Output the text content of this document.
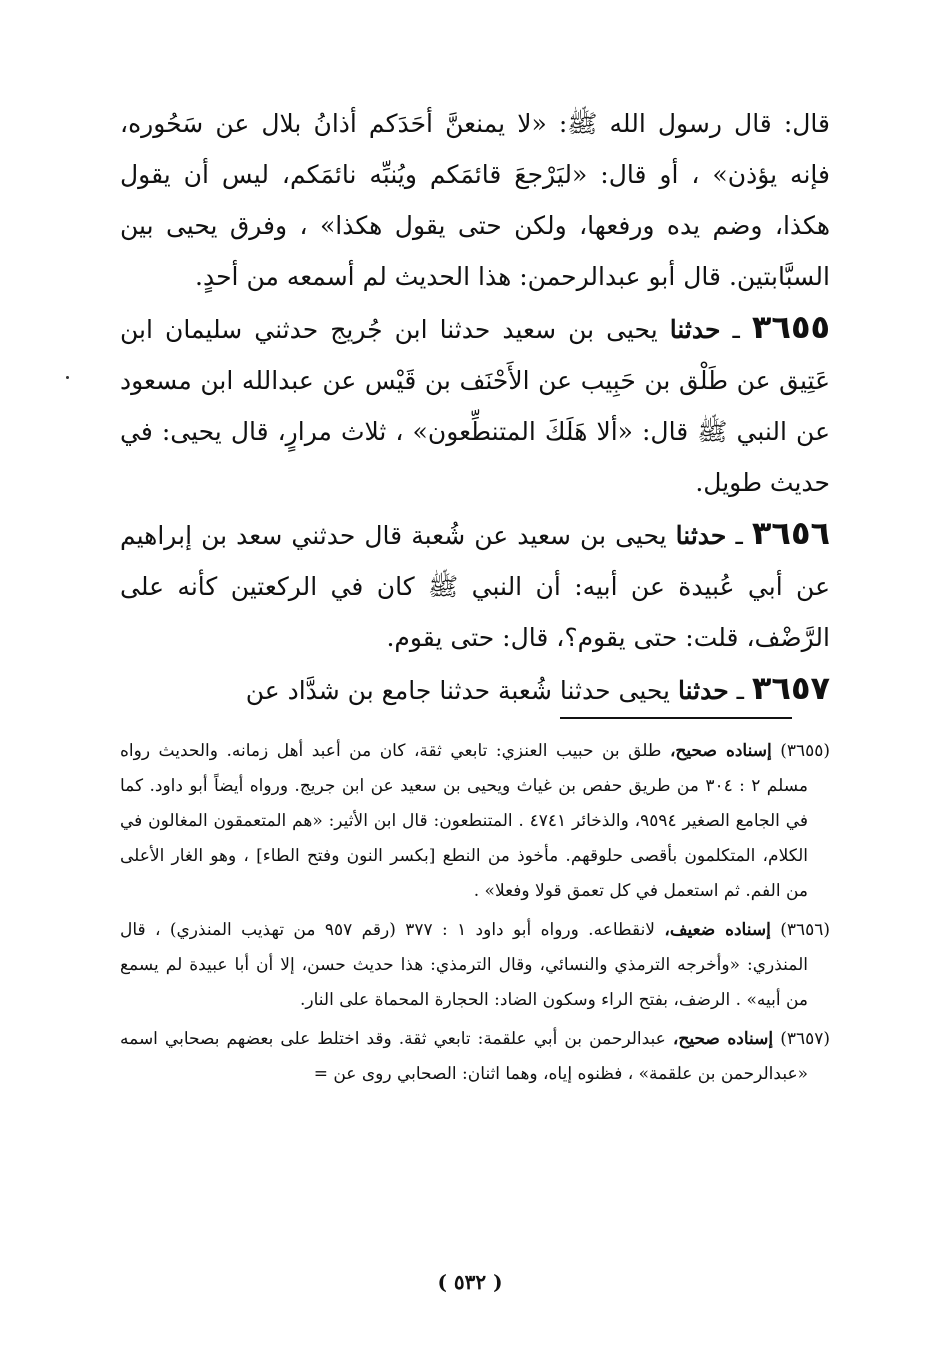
قال: قال رسول الله ﷺ: «لا يمنعنَّ أحَدَكم أذانُ بلال عن سَحُوره، فإنه يؤذن» ، أو قال: «ليَرْجعَ قائمَكم ويُنبِّه نائمَكم، ليس أن يقول هكذا، وضم يده ورفعها، ولكن حتى يقول هكذا» ، وفرق يحيى بين السبَّابتين. قال أبو عبدالرحمن: هذا الحديث لم أسمعه من أحدٍ.

٣٦٥٥ ـ حدثنا يحيى بن سعيد حدثنا ابن جُريج حدثني سليمان ابن عَتِيق عن طَلْق بن حَبِيب عن الأَحْنَف بن قَيْس عن عبدالله ابن مسعود عن النبي ﷺ قال: «ألا هَلَكَ المتنطِّعون» ، ثلاث مرارٍ، قال يحيى: في حديث طويل.

٣٦٥٦ ـ حدثنا يحيى بن سعيد عن شُعبة قال حدثني سعد بن إبراهيم عن أبي عُبيدة عن أبيه: أن النبي ﷺ كان في الركعتين كأنه على الرَّضْف، قلت: حتى يقوم؟، قال: حتى يقوم.

٣٦٥٧ ـ حدثنا يحيى حدثنا شُعبة حدثنا جامع بن شدَّاد عن

(٣٦٥٥) إسناده صحيح، طلق بن حبيب العنزي: تابعي ثقة، كان من أعبد أهل زمانه. والحديث رواه مسلم ٢ : ٣٠٤ من طريق حفص بن غياث ويحيى بن سعيد عن ابن جريج. ورواه أيضاً أبو داود. كما في الجامع الصغير ٩٥٩٤، والذخائر ٤٧٤١ . المتنطعون: قال ابن الأثير: «هم المتعمقون المغالون في الكلام، المتكلمون بأقصى حلوقهم. مأخوذ من النطع [بكسر النون وفتح الطاء] ، وهو الغار الأعلى من الفم. ثم استعمل في كل تعمق قولا وفعلا» .

(٣٦٥٦) إسناده ضعيف، لانقطاعه. ورواه أبو داود ١ : ٣٧٧ (رقم ٩٥٧ من تهذيب المنذري) ، قال المنذري: «وأخرجه الترمذي والنسائي، وقال الترمذي: هذا حديث حسن، إلا أن أبا عبيدة لم يسمع من أبيه» . الرضف، بفتح الراء وسكون الضاد: الحجارة المحماة على النار.

(٣٦٥٧) إسناده صحيح، عبدالرحمن بن أبي علقمة: تابعي ثقة. وقد اختلط على بعضهم بصحابي اسمه «عبدالرحمن بن علقمة» ، فظنوه إياه، وهما اثنان: الصحابي روى عن =

( ٥٣٢ )
